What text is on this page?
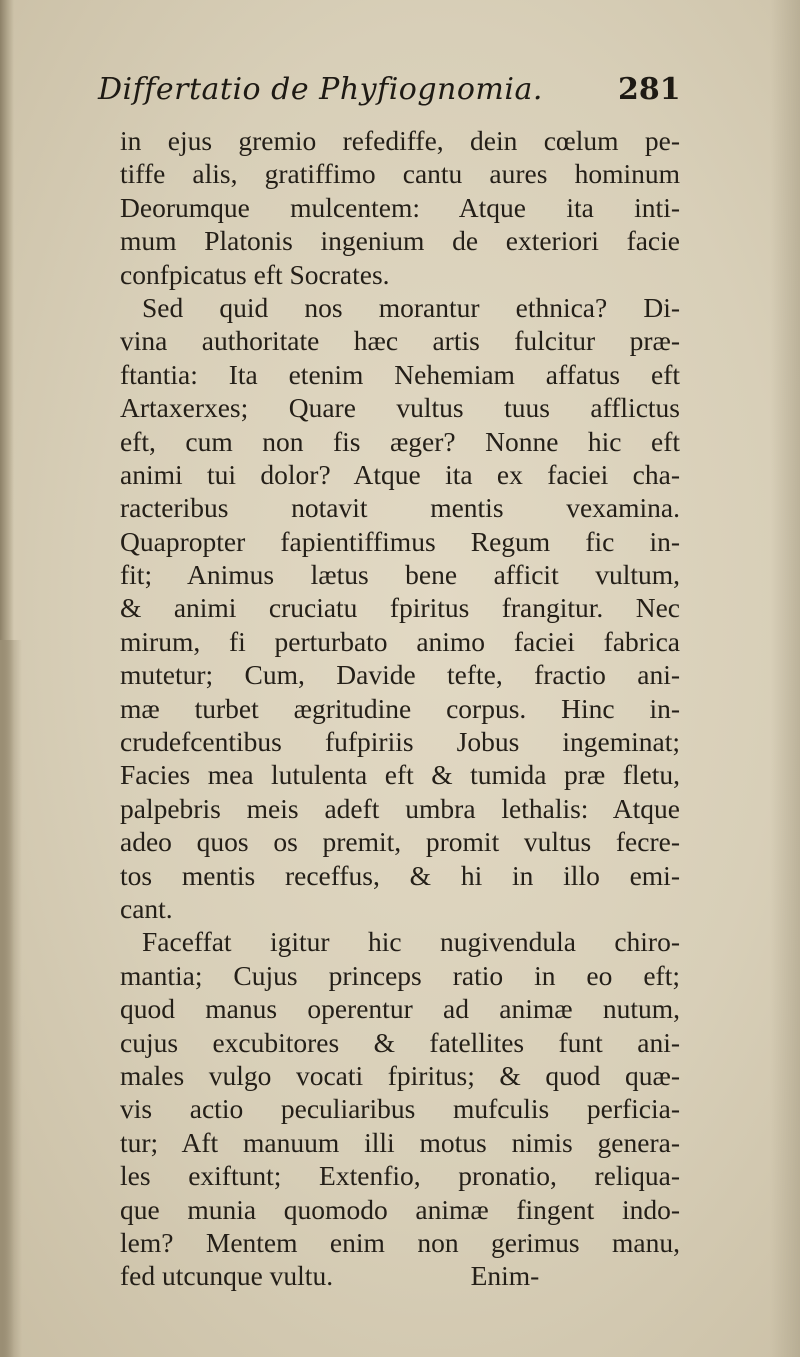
Differtatio de Phyfiognomia.	281
in ejus gremio refediffe, dein cœlum pe-
tiffe alis, gratiffimo cantu aures hominum
Deorumque mulcentem: Atque ita inti-
mum Platonis ingenium de exteriori facie
confpicatus eft Socrates.
Sed quid nos morantur ethnica? Di-
vina authoritate hæc artis fulcitur præ-
ftantia: Ita etenim Nehemiam affatus eft
Artaxerxes; Quare vultus tuus afflictus
eft, cum non fis æger? Nonne hic eft
animi tui dolor? Atque ita ex faciei cha-
racteribus notavit mentis vexamina.
Quapropter fapientiffimus Regum fic in-
fit; Animus lætus bene afficit vultum,
& animi cruciatu fpiritus frangitur. Nec
mirum, fi perturbato animo faciei fabrica
mutetur; Cum, Davide tefte, fractio ani-
mæ turbet ægritudine corpus. Hinc in-
crudefcentibus fufpiriis Jobus ingeminat;
Facies mea lutulenta eft & tumida præ fletu,
palpebris meis adeft umbra lethalis: Atque
adeo quos os premit, promit vultus fecre-
tos mentis receffus, & hi in illo emi-
cant.
Faceffat igitur hic nugivendula chiro-
mantia; Cujus princeps ratio in eo eft;
quod manus operentur ad animæ nutum,
cujus excubitores & fatellites funt ani-
males vulgo vocati fpiritus; & quod quæ-
vis actio peculiaribus mufculis perficia-
tur; Aft manuum illi motus nimis genera-
les exiftunt; Extenfio, pronatio, reliqua-
que munia quomodo animæ fingent indo-
lem? Mentem enim non gerimus manu,
fed utcunque vultu.                    Enim-
